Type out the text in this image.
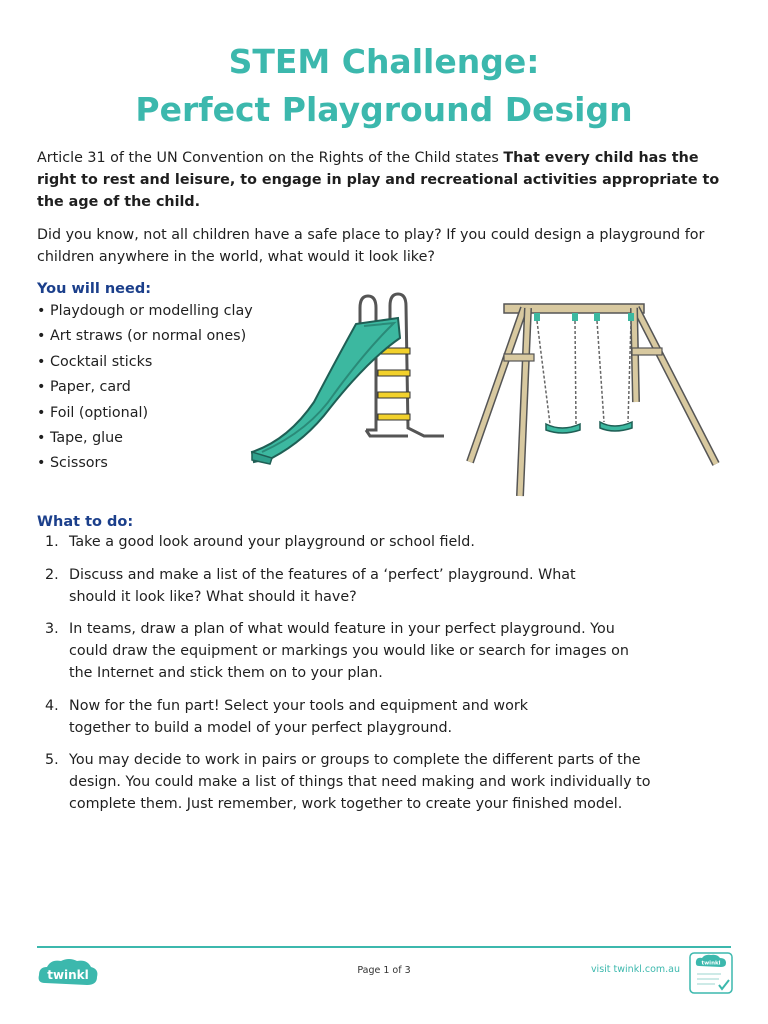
STEM Challenge:
Perfect Playground Design

Article 31 of the UN Convention on the Rights of the Child states That every child has the right to rest and leisure, to engage in play and recreational activities appropriate to the age of the child.

Did you know, not all children have a safe place to play? If you could design a playground for children anywhere in the world, what would it look like?

You will need:
• Playdough or modelling clay
• Art straws (or normal ones)
• Cocktail sticks
• Paper, card
• Foil (optional)
• Tape, glue
• Scissors
What to do:
1. Take a good look around your playground or school field.
2. Discuss and make a list of the features of a ‘perfect’ playground. What should it look like? What should it have?
3. In teams, draw a plan of what would feature in your perfect playground. You could draw the equipment or markings you would like or search for images on the Internet and stick them on to your plan.
4. Now for the fun part! Select your tools and equipment and work together to build a model of your perfect playground.
5. You may decide to work in pairs or groups to complete the different parts of the design. You could make a list of things that need making and work individually to complete them. Just remember, work together to create your finished model.
twinkl	Page 1 of 3	visit twinkl.com.au
twinkl
